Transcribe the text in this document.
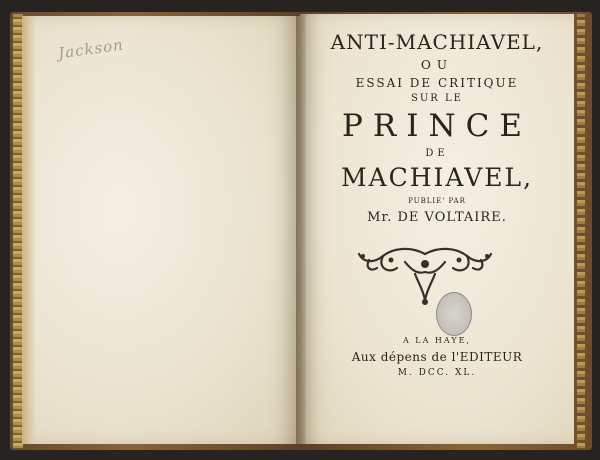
Jackson	ANTI-MACHIAVEL,
OU
ESSAI DE CRITIQUE
SUR LE
PRINCE
DE
MACHIAVEL,
PUBLIE' PAR
Mr. DE VOLTAIRE.
A LA HAYE,
Aux dépens de l'EDITEUR
M. DCC. XL.
